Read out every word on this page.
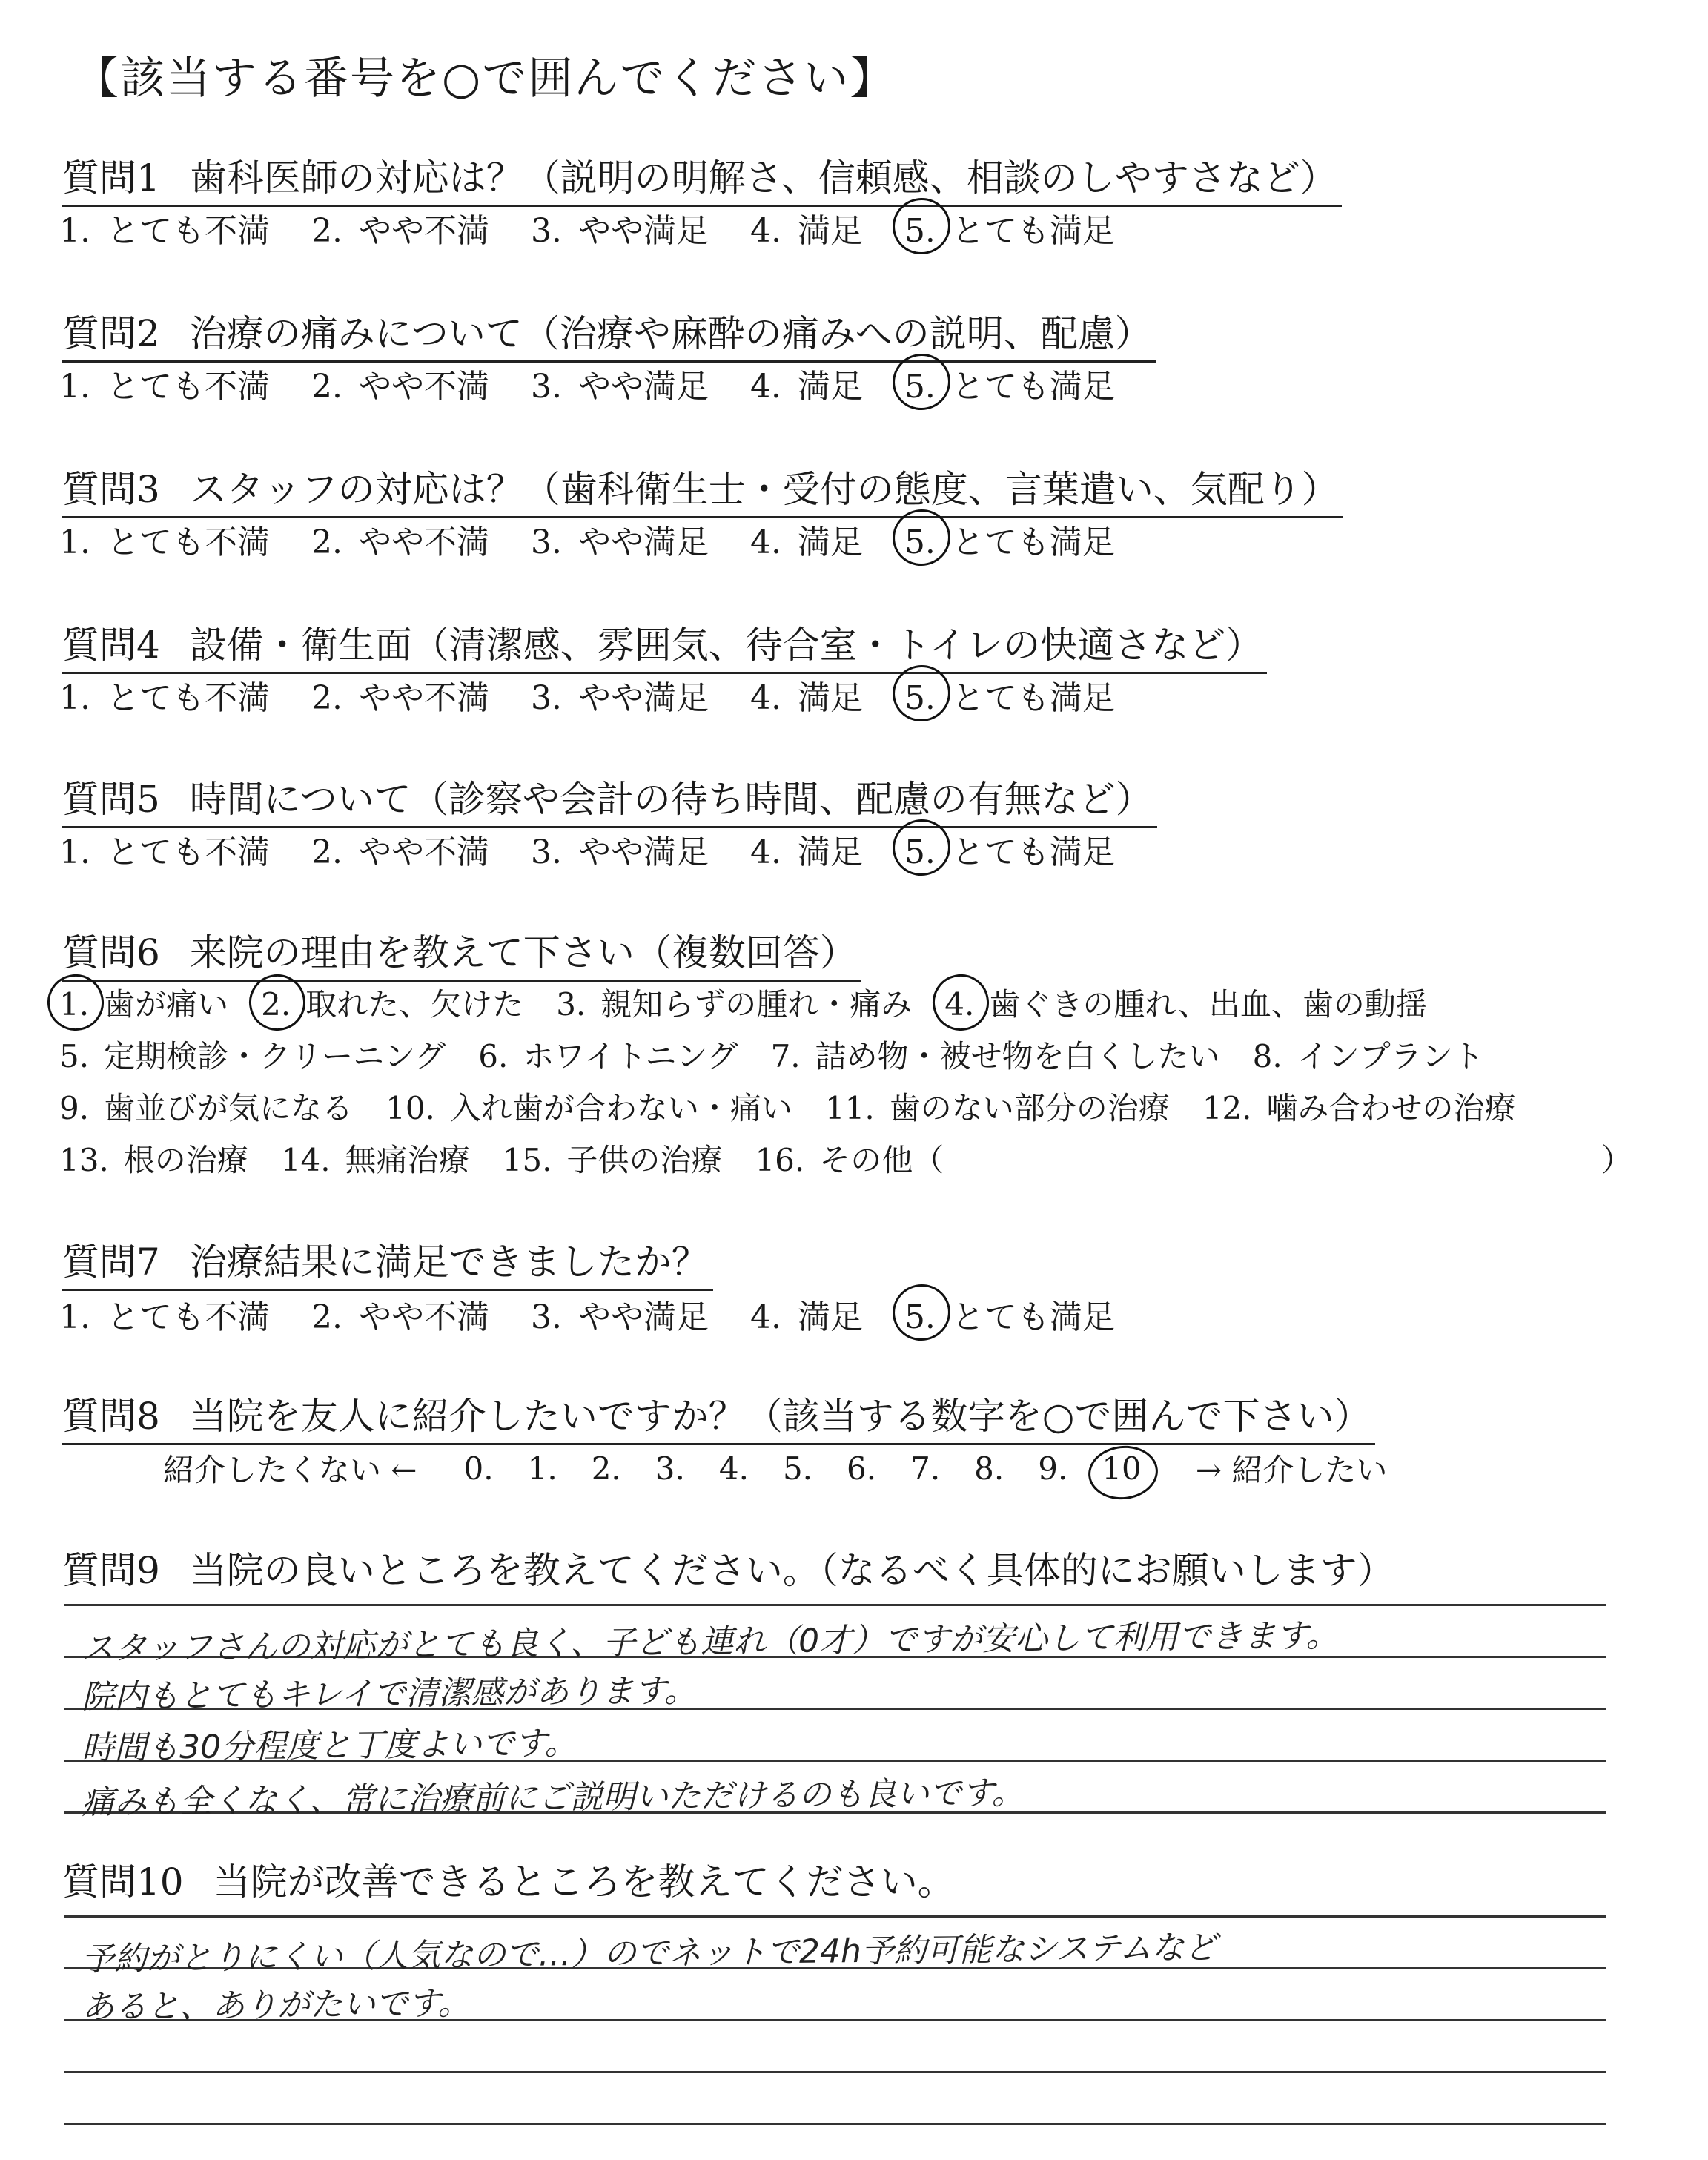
【該当する番号を○で囲んでください】
質問1 歯科医師の対応は？（説明の明解さ、信頼感、相談のしやすさなど）
1. とても不満 2. やや不満 3. やや満足 4. 満足 5. とても満足
質問2 治療の痛みについて（治療や麻酔の痛みへの説明、配慮）
1. とても不満 2. やや不満 3. やや満足 4. 満足 5. とても満足
質問3 スタッフの対応は？（歯科衛生士・受付の態度、言葉遣い、気配り）
1. とても不満 2. やや不満 3. やや満足 4. 満足 5. とても満足
質問4 設備・衛生面（清潔感、雰囲気、待合室・トイレの快適さなど）
1. とても不満 2. やや不満 3. やや満足 4. 満足 5. とても満足
質問5 時間について（診察や会計の待ち時間、配慮の有無など）
1. とても不満 2. やや不満 3. やや満足 4. 満足 5. とても満足
質問6 来院の理由を教えて下さい（複数回答）
1. 歯が痛い 2. 取れた、欠けた 3. 親知らずの腫れ・痛み 4. 歯ぐきの腫れ、出血、歯の動揺
5. 定期検診・クリーニング 6. ホワイトニング 7. 詰め物・被せ物を白くしたい 8. インプラント
9. 歯並びが気になる 10. 入れ歯が合わない・痛い 11. 歯のない部分の治療 12. 噛み合わせの治療
13. 根の治療 14. 無痛治療 15. 子供の治療 16. その他（	）
質問7 治療結果に満足できましたか？
1. とても不満 2. やや不満 3. やや満足 4. 満足 5. とても満足
質問8 当院を友人に紹介したいですか？（該当する数字を○で囲んで下さい）
紹介したくない ← 0. 1. 2. 3. 4. 5. 6. 7. 8. 9. 10 → 紹介したい
質問9 当院の良いところを教えてください。（なるべく具体的にお願いします）
スタッフさんの対応がとても良く、子ども連れ（0才）ですが安心して利用できます。
院内もとてもキレイで清潔感があります。
時間も30分程度と丁度よいです。
痛みも全くなく、常に治療前にご説明いただけるのも良いです。
質問10 当院が改善できるところを教えてください。
予約がとりにくい（人気なので…）のでネットで24h予約可能なシステムなど
あると、ありがたいです。
